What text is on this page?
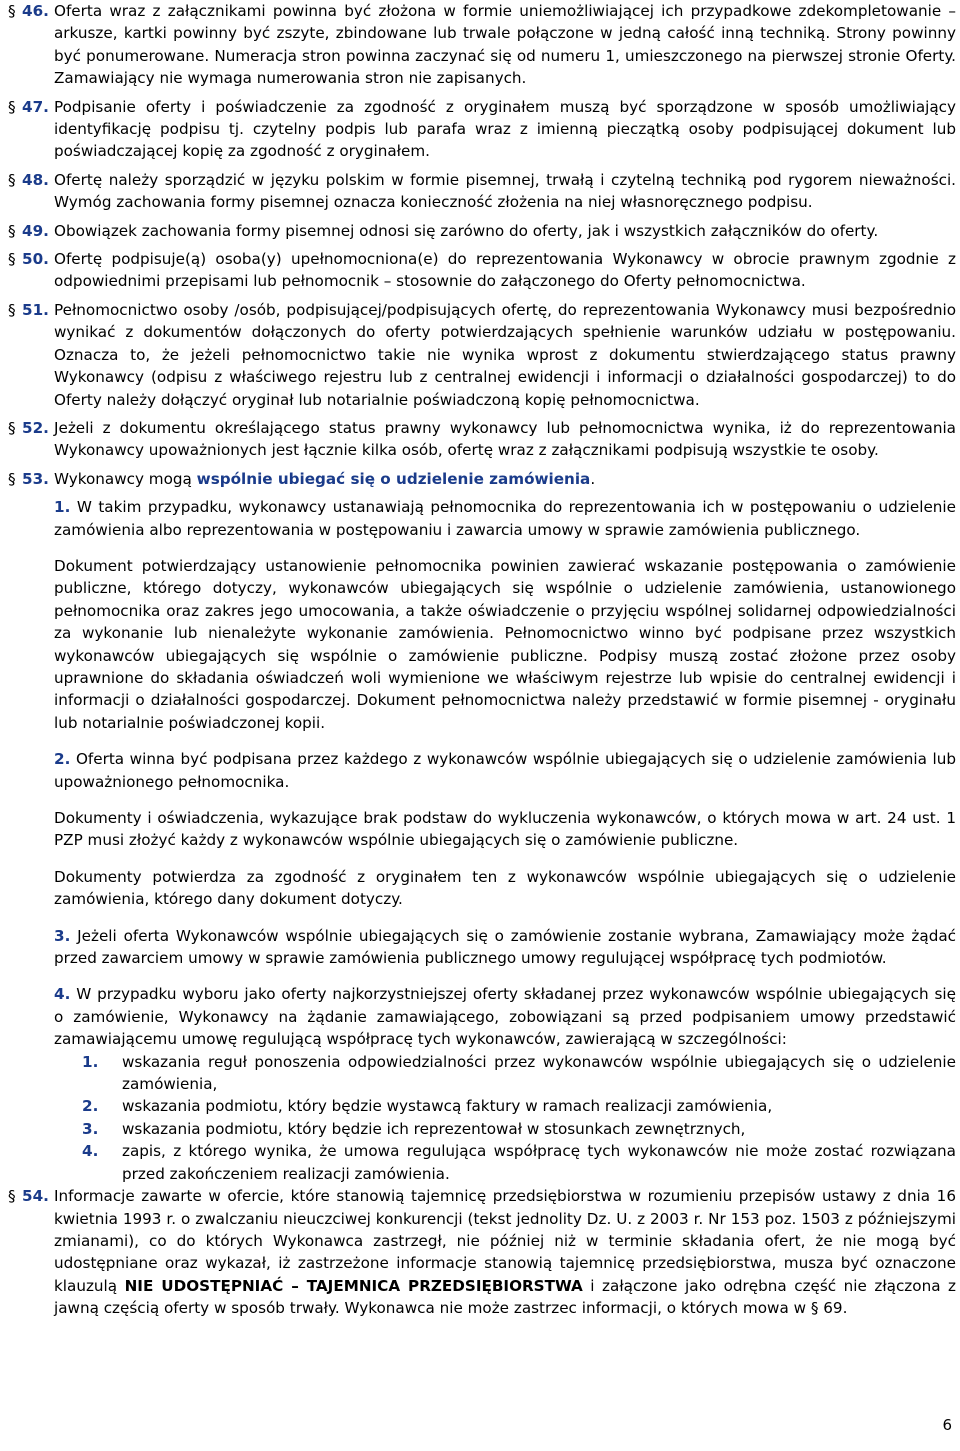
§ 46. Oferta wraz z załącznikami powinna być złożona w formie uniemożliwiającej ich przypadkowe zdekompletowanie – arkusze, kartki powinny być zszyte, zbindowane lub trwale połączone w jedną całość inną techniką. Strony powinny być ponumerowane. Numeracja stron powinna zaczynać się od numeru 1, umieszczonego na pierwszej stronie Oferty. Zamawiający nie wymaga numerowania stron nie zapisanych.
§ 47. Podpisanie oferty i poświadczenie za zgodność z oryginałem muszą być sporządzone w sposób umożliwiający identyfikację podpisu tj. czytelny podpis lub parafa wraz z imienną pieczątką osoby podpisującej dokument lub poświadczającej kopię za zgodność z oryginałem.
§ 48. Ofertę należy sporządzić w języku polskim w formie pisemnej, trwałą i czytelną techniką pod rygorem nieważności. Wymóg zachowania formy pisemnej oznacza konieczność złożenia na niej własnoręcznego podpisu.
§ 49. Obowiązek zachowania formy pisemnej odnosi się zarówno do oferty, jak i wszystkich załączników do oferty.
§ 50. Ofertę podpisuje(ą) osoba(y) upełnomocniona(e) do reprezentowania Wykonawcy w obrocie prawnym zgodnie z odpowiednimi przepisami lub pełnomocnik – stosownie do załączonego do Oferty pełnomocnictwa.
§ 51. Pełnomocnictwo osoby /osób, podpisującej/podpisujących ofertę, do reprezentowania Wykonawcy musi bezpośrednio wynikać z dokumentów dołączonych do oferty potwierdzających spełnienie warunków udziału w postępowaniu. Oznacza to, że jeżeli pełnomocnictwo takie nie wynika wprost z dokumentu stwierdzającego status prawny Wykonawcy (odpisu z właściwego rejestru lub z centralnej ewidencji i informacji o działalności gospodarczej) to do Oferty należy dołączyć oryginał lub notarialnie poświadczoną kopię pełnomocnictwa.
§ 52. Jeżeli z dokumentu określającego status prawny wykonawcy lub pełnomocnictwa wynika, iż do reprezentowania Wykonawcy upoważnionych jest łącznie kilka osób, ofertę wraz z załącznikami podpisują wszystkie te osoby.
§ 53. Wykonawcy mogą wspólnie ubiegać się o udzielenie zamówienia.
1. W takim przypadku, wykonawcy ustanawiają pełnomocnika do reprezentowania ich w postępowaniu o udzielenie zamówienia albo reprezentowania w postępowaniu i zawarcia umowy w sprawie zamówienia publicznego.
Dokument potwierdzający ustanowienie pełnomocnika powinien zawierać wskazanie postępowania o zamówienie publiczne, którego dotyczy, wykonawców ubiegających się wspólnie o udzielenie zamówienia, ustanowionego pełnomocnika oraz zakres jego umocowania, a także oświadczenie o przyjęciu wspólnej solidarnej odpowiedzialności za wykonanie lub nienależyte wykonanie zamówienia. Pełnomocnictwo winno być podpisane przez wszystkich wykonawców ubiegających się wspólnie o zamówienie publiczne. Podpisy muszą zostać złożone przez osoby uprawnione do składania oświadczeń woli wymienione we właściwym rejestrze lub wpisie do centralnej ewidencji i informacji o działalności gospodarczej. Dokument pełnomocnictwa należy przedstawić w formie pisemnej - oryginału lub notarialnie poświadczonej kopii.
2. Oferta winna być podpisana przez każdego z wykonawców wspólnie ubiegających się o udzielenie zamówienia lub upoważnionego pełnomocnika.
Dokumenty i oświadczenia, wykazujące brak podstaw do wykluczenia wykonawców, o których mowa w art. 24 ust. 1 PZP musi złożyć każdy z wykonawców wspólnie ubiegających się o zamówienie publiczne.
Dokumenty potwierdza za zgodność z oryginałem ten z wykonawców wspólnie ubiegających się o udzielenie zamówienia, którego dany dokument dotyczy.
3. Jeżeli oferta Wykonawców wspólnie ubiegających się o zamówienie zostanie wybrana, Zamawiający może żądać przed zawarciem umowy w sprawie zamówienia publicznego umowy regulującej współpracę tych podmiotów.
4. W przypadku wyboru jako oferty najkorzystniejszej oferty składanej przez wykonawców wspólnie ubiegających się o zamówienie, Wykonawcy na żądanie zamawiającego, zobowiązani są przed podpisaniem umowy przedstawić zamawiającemu umowę regulującą współpracę tych wykonawców, zawierającą w szczególności:
1. wskazania reguł ponoszenia odpowiedzialności przez wykonawców wspólnie ubiegających się o udzielenie zamówienia,
2. wskazania podmiotu, który będzie wystawcą faktury w ramach realizacji zamówienia,
3. wskazania podmiotu, który będzie ich reprezentował w stosunkach zewnętrznych,
4. zapis, z którego wynika, że umowa regulująca współpracę tych wykonawców nie może zostać rozwiązana przed zakończeniem realizacji zamówienia.
§ 54. Informacje zawarte w ofercie, które stanowią tajemnicę przedsiębiorstwa w rozumieniu przepisów ustawy z dnia 16 kwietnia 1993 r. o zwalczaniu nieuczciwej konkurencji (tekst jednolity Dz. U. z 2003 r. Nr 153 poz. 1503 z późniejszymi zmianami), co do których Wykonawca zastrzegł, nie później niż w terminie składania ofert, że nie mogą być udostępniane oraz wykazał, iż zastrzeżone informacje stanowią tajemnicę przedsiębiorstwa, musza być oznaczone klauzulą NIE UDOSTĘPNIAĆ – TAJEMNICA PRZEDSIĘBIORSTWA i załączone jako odrębna część nie złączona z jawną częścią oferty w sposób trwały. Wykonawca nie może zastrzec informacji, o których mowa w § 69.
6
